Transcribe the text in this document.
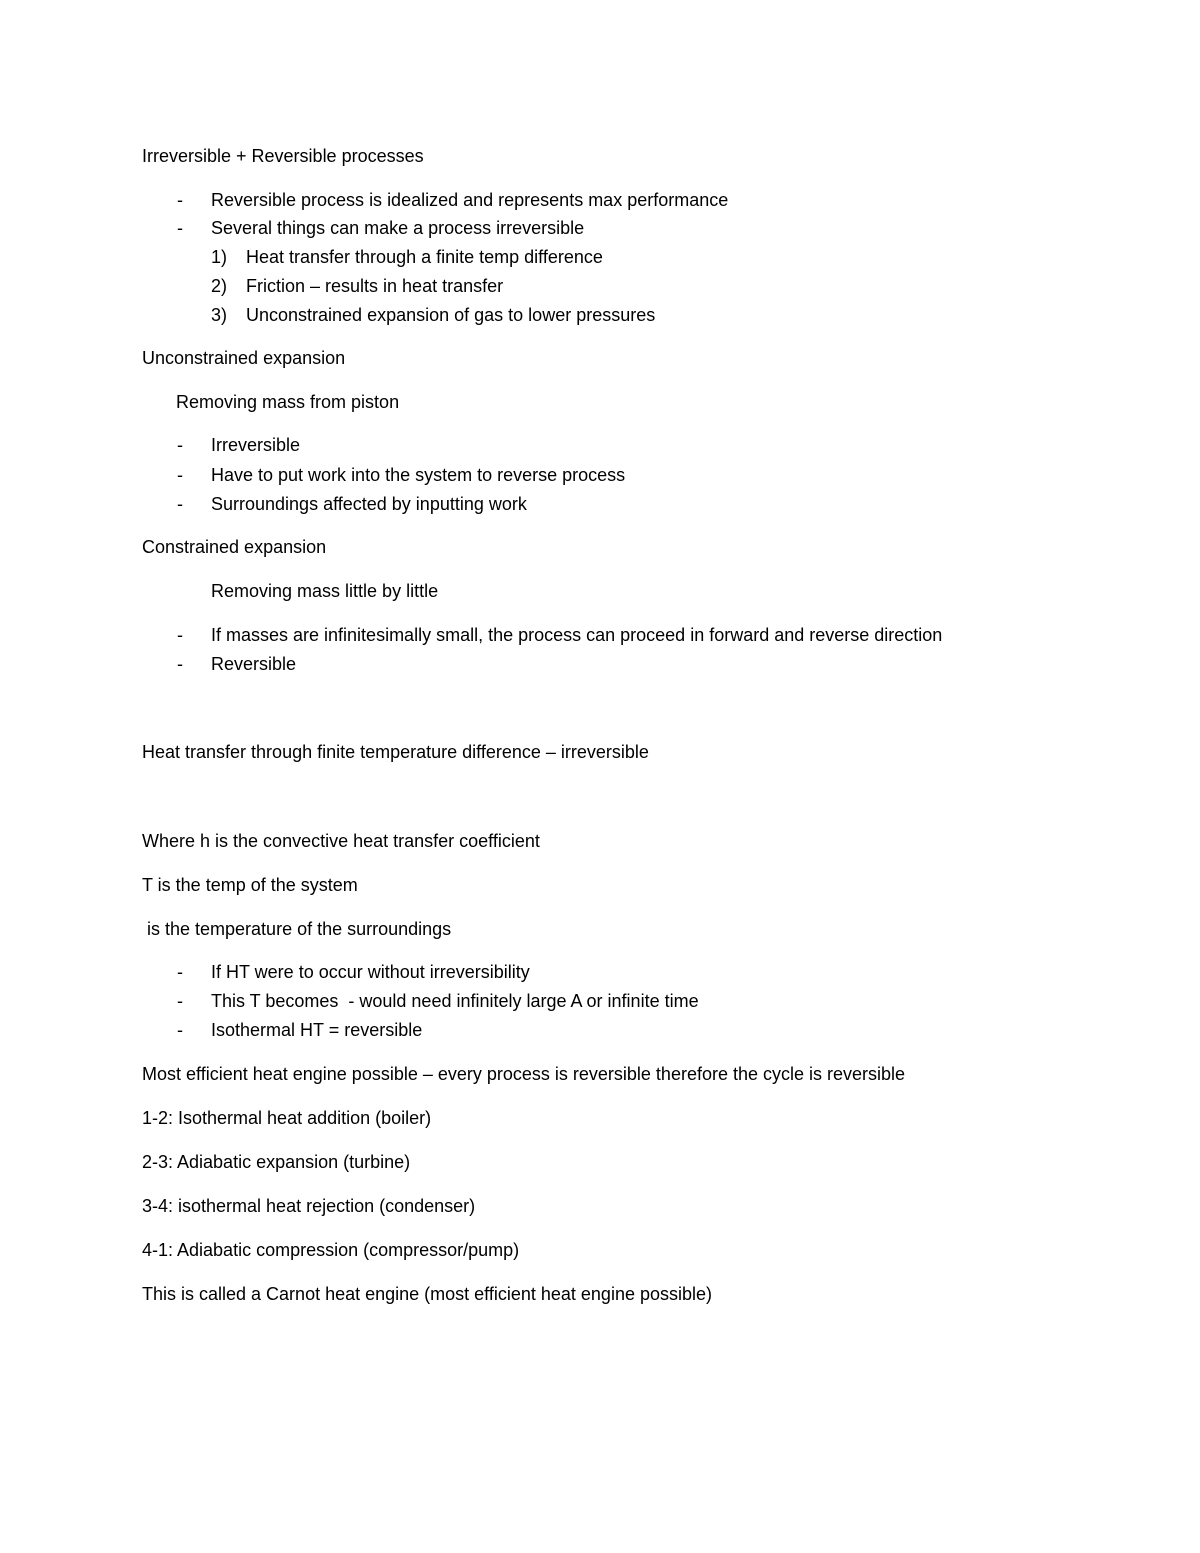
Irreversible + Reversible processes
- Reversible process is idealized and represents max performance
- Several things can make a process irreversible
1) Heat transfer through a finite temp difference
2) Friction – results in heat transfer
3) Unconstrained expansion of gas to lower pressures
Unconstrained expansion
Removing mass from piston
- Irreversible
- Have to put work into the system to reverse process
- Surroundings affected by inputting work
Constrained expansion
Removing mass little by little
- If masses are infinitesimally small, the process can proceed in forward and reverse direction
- Reversible
Heat transfer through finite temperature difference – irreversible
Where h is the convective heat transfer coefficient
T is the temp of the system
is the temperature of the surroundings
- If HT were to occur without irreversibility
- This T becomes  - would need infinitely large A or infinite time
- Isothermal HT = reversible
Most efficient heat engine possible – every process is reversible therefore the cycle is reversible
1-2: Isothermal heat addition (boiler)
2-3: Adiabatic expansion (turbine)
3-4: isothermal heat rejection (condenser)
4-1: Adiabatic compression (compressor/pump)
This is called a Carnot heat engine (most efficient heat engine possible)
